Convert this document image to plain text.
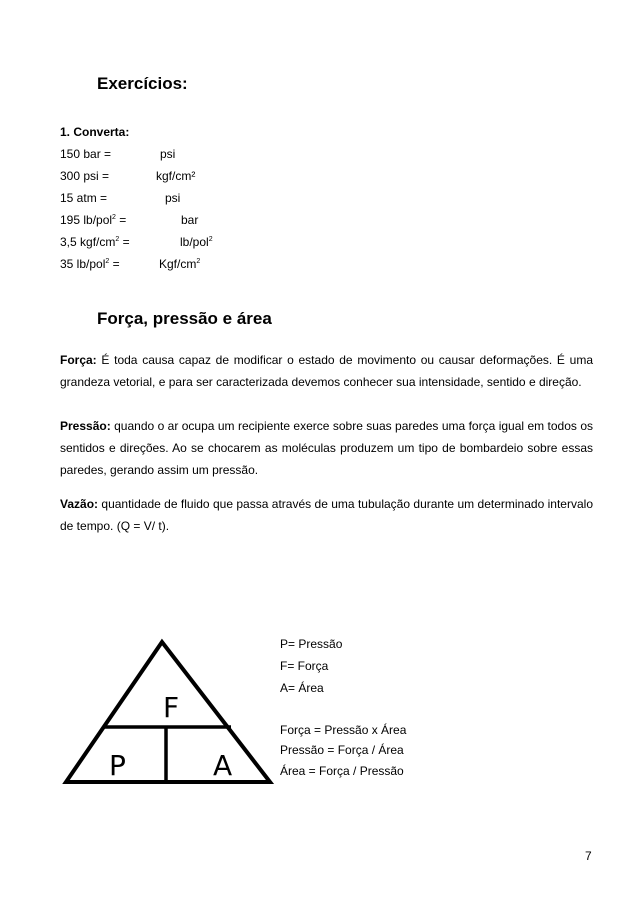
Exercícios:
1. Converta:
150 bar =	psi
300 psi =	kgf/cm²
15 atm =	psi
195 lb/pol$^2$ =	bar
3,5 kgf/$cm^2$ =	lb/pol$^2$
35 lb/pol$^2$ =	Kgf/$cm^2$
Força, pressão e área
Força: É toda causa capaz de modificar o estado de movimento ou causar deformações. É uma grandeza vetorial, e para ser caracterizada devemos conhecer sua intensidade, sentido e direção.
Pressão: quando o ar ocupa um recipiente exerce sobre suas paredes uma força igual em todos os sentidos e direções. Ao se chocarem as moléculas produzem um tipo de bombardeio sobre essas paredes, gerando assim um pressão.
Vazão: quantidade de fluido que passa através de uma tubulação durante um determinado intervalo de tempo. (Q = V/ t).
F
P	A
P= Pressão
F= Força
A= Área
Força = Pressão x Área
Pressão = Força / Área
Área = Força / Pressão
7
